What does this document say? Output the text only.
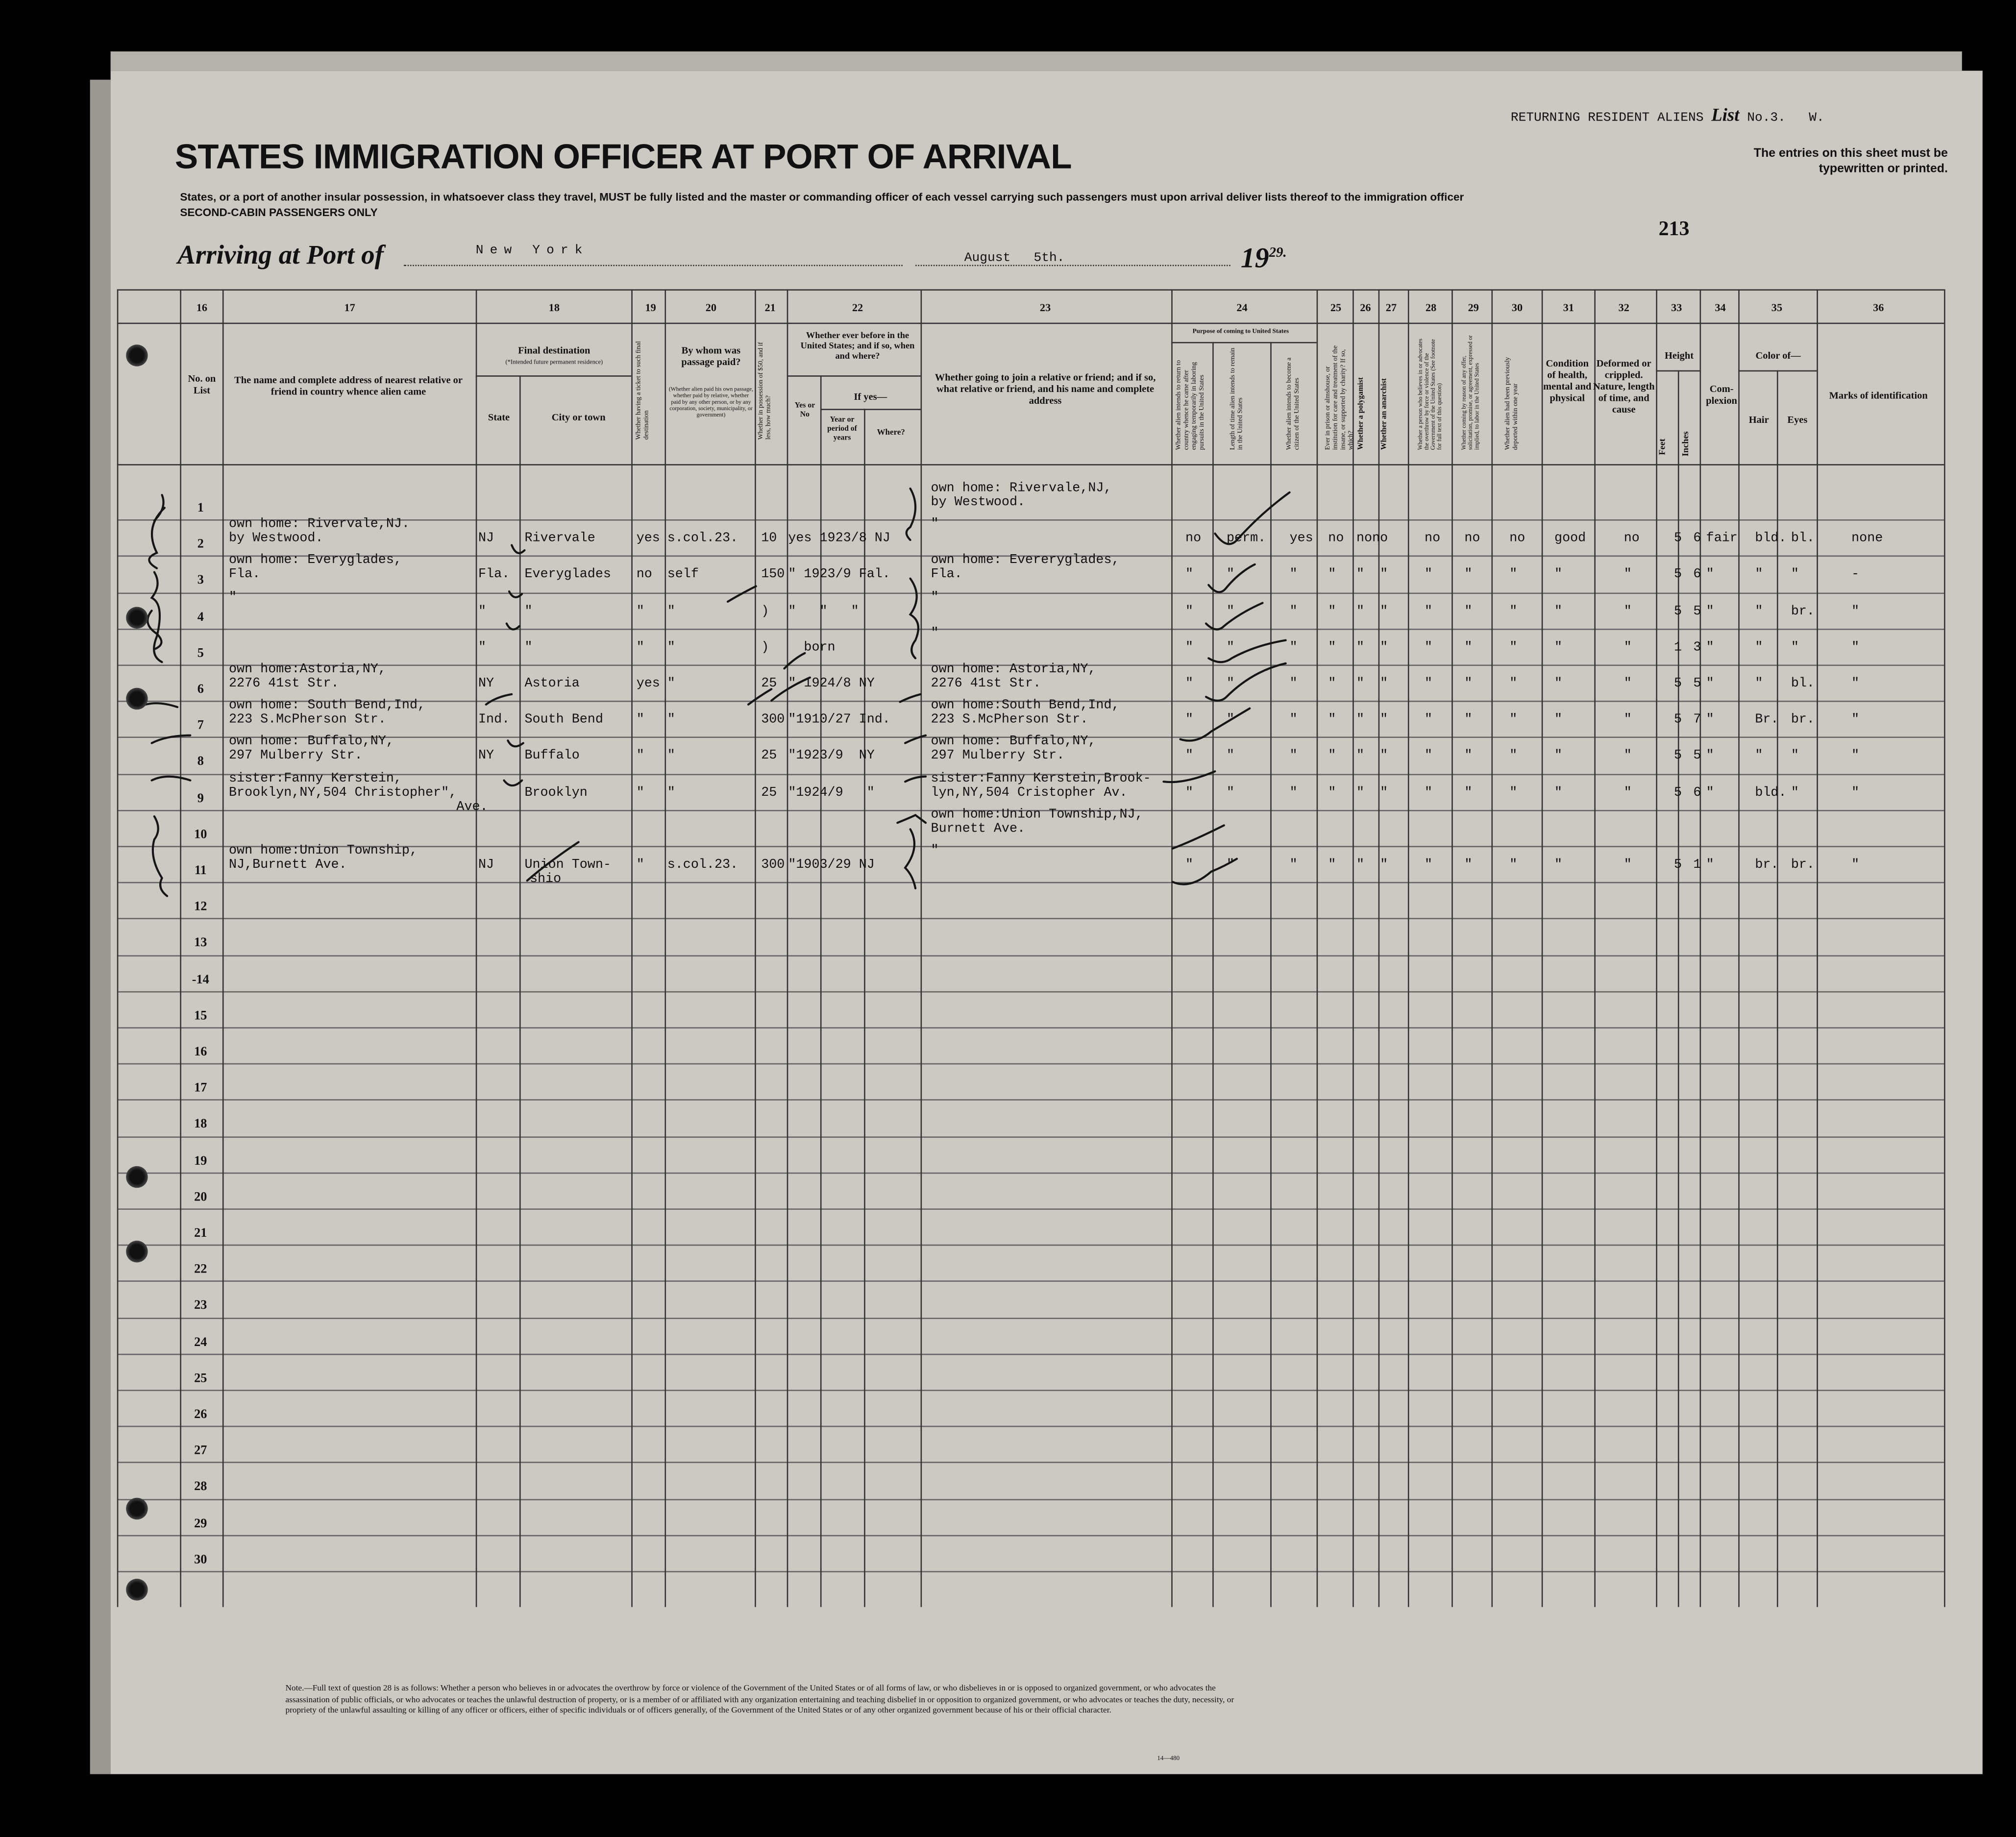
RETURNING RESIDENT ALIENS List No.3.	W.
STATES IMMIGRATION OFFICER AT PORT OF ARRIVAL	The entries on this sheet must be typewritten or printed.
States, or a port of another insular possession, in whatsoever class they travel, MUST be fully listed and the master or commanding officer of each vessel carrying such passengers must upon arrival deliver lists thereof to the immigration officer
SECOND-CABIN PASSENGERS ONLY
213
Arriving at Port of	New York
August   5th.	$19^{29.}$
16	17	18	19	20	21	22	23	24	25	26	27	28	29	30	31	32	33	34	35	36
No. on List
The name and complete address of nearest relative or friend in country whence alien came
Final destination
(*Intended future permanent residence)
State	City or town	Whether having a ticket to such final destination
By whom was passage paid?
(Whether alien paid his own passage, whether paid by relative, whether paid by any other person, or by any corporation, society, municipality, or government)	Whether in possession of $50, and if less, how much?
Whether ever before in the United States; and if so, when and where?
Yes or No
If yes—
Year or period of years
Where?
Whether going to join a relative or friend; and if so, what relative or friend, and his name and complete address
Purpose of coming to United States
Whether alien intends to return to country whence he came after engaging temporarily in laboring pursuits in the United States	Length of time alien intends to remain in the United States	Whether alien intends to become a citizen of the United States	Ever in prison or almshouse, or institution for care and treatment of the insane, or supported by charity? If so, which? Whether a polygamist	Whether an anarchist	Whether a person who believes in or advocates the overthrow by force or violence of the Government of the United States (See footnote for full text of this question)	Whether coming by reason of any offer, solicitation, promise, or agreement, expressed or implied, to labor in the United States	Whether alien had been previously deported within one year
Condition of health, mental and physical
Deformed or crippled. Nature, length of time, and cause
Height
Feet	Inches
Com-plexion
Color of—
Hair	Eyes
Marks of identification
1
2
3
4
5
6
7
8
9
10
11
12
13
-14
15
16
17
18
19
20
21
22
23
24
25
26
27
28
29
30
own home: Rivervale,NJ,
by Westwood.
own home: Rivervale,NJ.
by Westwood.	NJ	Rivervale	yes s.col.23.	10 yes 1923/8 NJ
"
no	perm.	yes	no	nono	no	no	no	good	no	5 6 fair	bld. bl.	none
own home: Everyglades,
Fla.	Fla.	Everyglades	no	self	150 " 1923/9 Fal.
own home: Evereryglades,
Fla.	"	"	"	"	"  "	"	"	"	"	"	5 6 "	"	"	-
"
"	"	"	"	)	"   "   "
"
"	"	"	"	"  "	"	"	"	"	"	5 5 "	"	br.	"
"	"	"	"	)	born
"
"	"	"	"	"  "	"	"	"	"	"	1 3 "	"	"	"
own home:Astoria,NY,
2276 41st Str.	NY	Astoria	yes "	25 " 1924/8 NY
own home: Astoria,NY,
2276 41st Str.	"	"	"	"	"  "	"	"	"	"	"	5 5 "	"	bl.	"
own home: South Bend,Ind,
223 S.McPherson Str.	Ind.	South Bend	"	"	300 "1910/27 Ind.
own home:South Bend,Ind,
223 S.McPherson Str.	"	"	"	"	"  "	"	"	"	"	"	5 7 "	Br. br.	"
own home: Buffalo,NY,
297 Mulberry Str.	NY	Buffalo	"	"	25 "1923/9  NY
own home: Buffalo,NY,
297 Mulberry Str.	"	"	"	"	"  "	"	"	"	"	"	5 5 "	"	"	"
sister:Fanny Kerstein,
Brooklyn,NY,504 Christopher",
Ave.
Brooklyn	"	"	25 "1924/9   "
sister:Fanny Kerstein,Brook-
lyn,NY,504 Cristopher Av.	"	"	"	"	"  "	"	"	"	"	"	5 6 "	bld. "	"
own home:Union Township,NJ,
Burnett Ave.
own home:Union Township,
NJ,Burnett Ave.	NJ	Union Town-
shio
"	s.col.23.	300 "1903/29 NJ
"
"	"	"	"	"  "	"	"	"	"	"	5 1 "	br. br.	"
Note.—Full text of question 28 is as follows: Whether a person who believes in or advocates the overthrow by force or violence of the Government of the United States or of all forms of law, or who disbelieves in or is opposed to organized government, or who advocates the assassination of public officials, or who advocates or teaches the unlawful destruction of property, or is a member of or affiliated with any organization entertaining and teaching disbelief in or opposition to organized government, or who advocates or teaches the duty, necessity, or propriety of the unlawful assaulting or killing of any officer or officers, either of specific individuals or of officers generally, of the Government of the United States or of any other organized government because of his or their official character.
14—480
